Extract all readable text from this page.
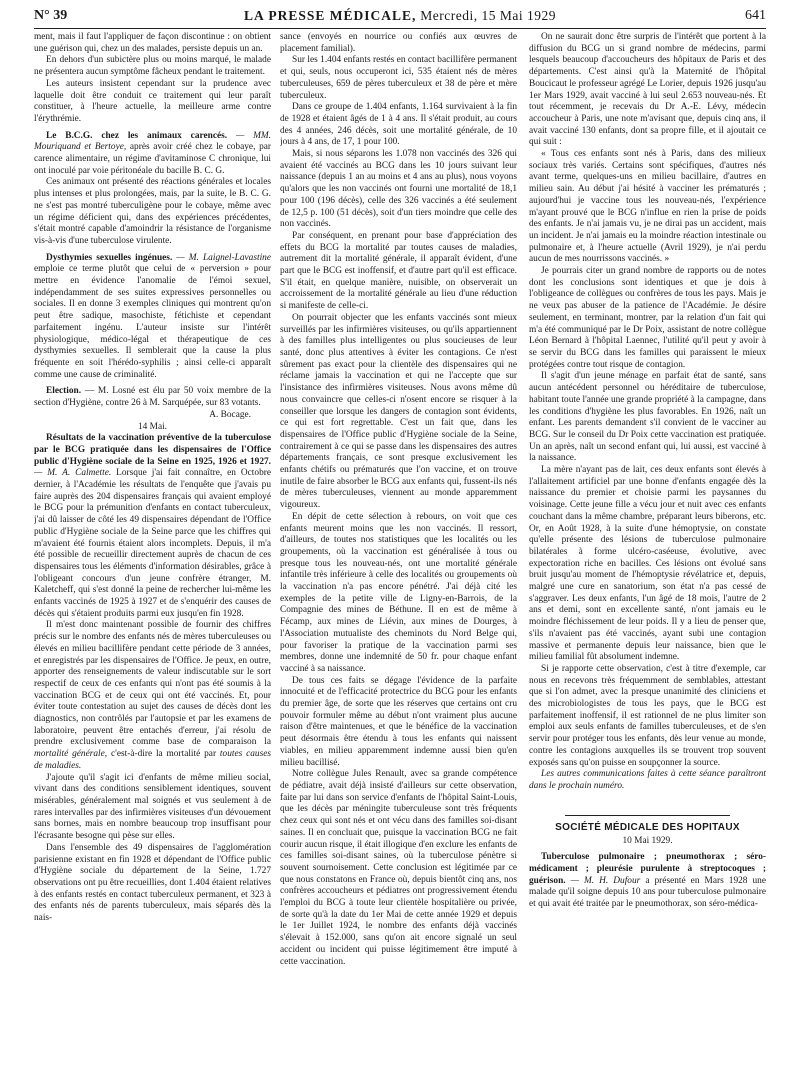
N° 39	LA PRESSE MÉDICALE, Mercredi, 15 Mai 1929	641

ment, mais il faut l'appliquer de façon discontinue : on obtient une guérison qui, chez un des malades, persiste depuis un an.

En dehors d'un subictère plus ou moins marqué, le malade ne présentera aucun symptôme fâcheux pendant le traitement.

Les auteurs insistent cependant sur la prudence avec laquelle doit être conduit ce traitement qui leur paraît constituer, à l'heure actuelle, la meilleure arme contre l'érythrémie.

Le B.C.G. chez les animaux carencés. — MM. Mouriquand et Bertoye, après avoir créé chez le cobaye, par carence alimentaire, un régime d'avitaminose C chronique, lui ont inoculé par voie péritonéale du bacille B. C. G.

Ces animaux ont présenté des réactions générales et locales plus intenses et plus prolongées, mais, par la suite, le B. C. G. ne s'est pas montré tuberculigène pour le cobaye, même avec un régime déficient qui, dans des expériences précédentes, s'était montré capable d'amoindrir la résistance de l'organisme vis-à-vis d'une tuberculose virulente.

Dysthymies sexuelles ingénues. — M. Laignel-Lavastine emploie ce terme plutôt que celui de « perversion » pour mettre en évidence l'anomalie de l'émoi sexuel, indépendamment de ses suites expressives personnelles ou sociales. Il en donne 3 exemples cliniques qui montrent qu'on peut être sadique, masochiste, fétichiste et cependant parfaitement ingénu. L'auteur insiste sur l'intérêt physiologique, médico-légal et thérapeutique de ces dysthymies sexuelles. Il semblerait que la cause la plus fréquente en soit l'hérédo-syphilis ; ainsi celle-ci apparaît comme une cause de criminalité.

Election. — M. Losné est élu par 50 voix membre de la section d'Hygiène, contre 26 à M. Sarquépée, sur 83 votants.

A. Bocage.

14 Mai.

Résultats de la vaccination préventive de la tuberculose par le BCG pratiquée dans les dispensaires de l'Office public d'Hygiène sociale de la Seine en 1925, 1926 et 1927. — M. A. Calmette. Lorsque j'ai fait connaître, en Octobre dernier, à l'Académie les résultats de l'enquête que j'avais pu faire auprès des 204 dispensaires français qui avaient employé le BCG pour la prémunition d'enfants en contact tuberculeux, j'ai dû laisser de côté les 49 dispensaires dépendant de l'Office public d'Hygiène sociale de la Seine parce que les chiffres qui m'avaient été fournis étaient alors incomplets. Depuis, il m'a été possible de recueillir directement auprès de chacun de ces dispensaires tous les éléments d'information désirables, grâce à l'obligeant concours d'un jeune confrère étranger, M. Kaletcheff, qui s'est donné la peine de rechercher lui-même les enfants vaccinés de 1925 à 1927 et de s'enquérir des causes de décès qui s'étaient produits parmi eux jusqu'en fin 1928.

Il m'est donc maintenant possible de fournir des chiffres précis sur le nombre des enfants nés de mères tuberculeuses ou élevés en milieu bacillifère pendant cette période de 3 années, et enregistrés par les dispensaires de l'Office. Je peux, en outre, apporter des renseignements de valeur indiscutable sur le sort respectif de ceux de ces enfants qui n'ont pas été soumis à la vaccination BCG et de ceux qui ont été vaccinés. Et, pour éviter toute contestation au sujet des causes de décès dont les diagnostics, non contrôlés par l'autopsie et par les examens de laboratoire, peuvent être entachés d'erreur, j'ai résolu de prendre exclusivement comme base de comparaison la mortalité générale, c'est-à-dire la mortalité par toutes causes de maladies.

J'ajoute qu'il s'agit ici d'enfants de même milieu social, vivant dans des conditions sensiblement identiques, souvent misérables, généralement mal soignés et vus seulement à de rares intervalles par des infirmières visiteuses d'un dévouement sans bornes, mais en nombre beaucoup trop insuffisant pour l'écrasante besogne qui pèse sur elles.

Dans l'ensemble des 49 dispensaires de l'agglomération parisienne existant en fin 1928 et dépendant de l'Office public d'Hygiène sociale du département de la Seine, 1.727 observations ont pu être recueillies, dont 1.404 étaient relatives à des enfants restés en contact tuberculeux permanent, et 323 à des enfants nés de parents tuberculeux, mais séparés dès la nais-

sance (envoyés en nourrice ou confiés aux œuvres de placement familial).

Sur les 1.404 enfants restés en contact bacillifère permanent et qui, seuls, nous occuperont ici, 535 étaient nés de mères tuberculeuses, 659 de pères tuberculeux et 38 de père et mère tuberculeux.

Dans ce groupe de 1.404 enfants, 1.164 survivaient à la fin de 1928 et étaient âgés de 1 à 4 ans. Il s'était produit, au cours des 4 années, 246 décès, soit une mortalité générale, de 10 jours à 4 ans, de 17, 1 pour 100.

Mais, si nous séparons les 1.078 non vaccinés des 326 qui avaient été vaccinés au BCG dans les 10 jours suivant leur naissance (depuis 1 an au moins et 4 ans au plus), nous voyons qu'alors que les non vaccinés ont fourni une mortalité de 18,1 pour 100 (196 décès), celle des 326 vaccinés a été seulement de 12,5 p. 100 (51 décès), soit d'un tiers moindre que celle des non vaccinés.

Par conséquent, en prenant pour base d'appréciation des effets du BCG la mortalité par toutes causes de maladies, autrement dit la mortalité générale, il apparaît évident, d'une part que le BCG est inoffensif, et d'autre part qu'il est efficace. S'il était, en quelque manière, nuisible, on observerait un accroissement de la mortalité générale au lieu d'une réduction si manifeste de celle-ci.

On pourrait objecter que les enfants vaccinés sont mieux surveillés par les infirmières visiteuses, ou qu'ils appartiennent à des familles plus intelligentes ou plus soucieuses de leur santé, donc plus attentives à éviter les contagions. Ce n'est sûrement pas exact pour la clientèle des dispensaires qui ne réclame jamais la vaccination et qui ne l'accepte que sur l'insistance des infirmières visiteuses. Nous avons même dû nous convaincre que celles-ci n'osent encore se risquer à la conseiller que lorsque les dangers de contagion sont évidents, ce qui est fort regrettable. C'est un fait que, dans les dispensaires de l'Office public d'Hygiène sociale de la Seine, contrairement à ce qui se passe dans les dispensaires des autres départements français, ce sont presque exclusivement les enfants chétifs ou prématurés que l'on vaccine, et on trouve inutile de faire absorber le BCG aux enfants qui, fussent-ils nés de mères tuberculeuses, viennent au monde apparemment vigoureux.

En dépit de cette sélection à rebours, on voit que ces enfants meurent moins que les non vaccinés. Il ressort, d'ailleurs, de toutes nos statistiques que les localités ou les groupements, où la vaccination est généralisée à tous ou presque tous les nouveau-nés, ont une mortalité générale infantile très inférieure à celle des localités ou groupements où la vaccination n'a pas encore pénétré. J'ai déjà cité les exemples de la petite ville de Ligny-en-Barrois, de la Compagnie des mines de Béthune. Il en est de même à Fécamp, aux mines de Liévin, aux mines de Dourges, à l'Association mutualiste des cheminots du Nord Belge qui, pour favoriser la pratique de la vaccination parmi ses membres, donne une indemnité de 50 fr. pour chaque enfant vacciné à sa naissance.

De tous ces faits se dégage l'évidence de la parfaite innocuité et de l'efficacité protectrice du BCG pour les enfants du premier âge, de sorte que les réserves que certains ont cru pouvoir formuler même au début n'ont vraiment plus aucune raison d'être maintenues, et que le bénéfice de la vaccination peut désormais être étendu à tous les enfants qui naissent viables, en milieu apparemment indemne aussi bien qu'en milieu bacillisé.

Notre collègue Jules Renault, avec sa grande compétence de pédiatre, avait déjà insisté d'ailleurs sur cette observation, faite par lui dans son service d'enfants de l'hôpital Saint-Louis, que les décès par méningite tuberculeuse sont très fréquents chez ceux qui sont nés et ont vécu dans des familles soi-disant saines. Il en concluait que, puisque la vaccination BCG ne fait courir aucun risque, il était illogique d'en exclure les enfants de ces familles soi-disant saines, où la tuberculose pénètre si souvent sournoisement. Cette conclusion est légitimée par ce que nous constatons en France où, depuis bientôt cinq ans, nos confrères accoucheurs et pédiatres ont progressivement étendu l'emploi du BCG à toute leur clientèle hospitalière ou privée, de sorte qu'à la date du 1er Mai de cette année 1929 et depuis le 1er Juillet 1924, le nombre des enfants déjà vaccinés s'élevait à 152.000, sans qu'on ait encore signalé un seul accident ou incident qui puisse légitimement être imputé à cette vaccination.

On ne saurait donc être surpris de l'intérêt que portent à la diffusion du BCG un si grand nombre de médecins, parmi lesquels beaucoup d'accoucheurs des hôpitaux de Paris et des départements. C'est ainsi qu'à la Maternité de l'hôpital Boucicaut le professeur agrégé Le Lorier, depuis 1926 jusqu'au 1er Mars 1929, avait vacciné à lui seul 2.653 nouveau-nés. Et tout récemment, je recevais du Dr A.-E. Lévy, médecin accoucheur à Paris, une note m'avisant que, depuis cinq ans, il avait vacciné 130 enfants, dont sa propre fille, et il ajoutait ce qui suit :

« Tous ces enfants sont nés à Paris, dans des milieux sociaux très variés. Certains sont spécifiques, d'autres nés avant terme, quelques-uns en milieu bacillaire, d'autres en milieu sain. Au début j'ai hésité à vacciner les prématurés ; aujourd'hui je vaccine tous les nouveau-nés, l'expérience m'ayant prouvé que le BCG n'influe en rien la prise de poids des enfants. Je n'ai jamais vu, je ne dirai pas un accident, mais un incident. Je n'ai jamais eu la moindre réaction intestinale ou pulmonaire et, à l'heure actuelle (Avril 1929), je n'ai perdu aucun de mes nourrissons vaccinés. »

Je pourrais citer un grand nombre de rapports ou de notes dont les conclusions sont identiques et que je dois à l'obligeance de collègues ou confrères de tous les pays. Mais je ne veux pas abuser de la patience de l'Académie. Je désire seulement, en terminant, montrer, par la relation d'un fait qui m'a été communiqué par le Dr Poix, assistant de notre collègue Léon Bernard à l'hôpital Laennec, l'utilité qu'il peut y avoir à se servir du BCG dans les familles qui paraissent le mieux protégées contre tout risque de contagion.

Il s'agit d'un jeune ménage en parfait état de santé, sans aucun antécédent personnel ou héréditaire de tuberculose, habitant toute l'année une grande propriété à la campagne, dans les conditions d'hygiène les plus favorables. En 1926, naît un enfant. Les parents demandent s'il convient de le vacciner au BCG. Sur le conseil du Dr Poix cette vaccination est pratiquée. Un an après, naît un second enfant qui, lui aussi, est vacciné à la naissance.

La mère n'ayant pas de lait, ces deux enfants sont élevés à l'allaitement artificiel par une bonne d'enfants engagée dès la naissance du premier et choisie parmi les paysannes du voisinage. Cette jeune fille a vécu jour et nuit avec ces enfants couchant dans la même chambre, préparant leurs biberons, etc. Or, en Août 1928, à la suite d'une hémoptysie, on constate qu'elle présente des lésions de tuberculose pulmonaire bilatérales à forme ulcéro-caséeuse, évolutive, avec expectoration riche en bacilles. Ces lésions ont évolué sans bruit jusqu'au moment de l'hémoptysie révélatrice et, depuis, malgré une cure en sanatorium, son état n'a pas cessé de s'aggraver. Les deux enfants, l'un âgé de 18 mois, l'autre de 2 ans et demi, sont en excellente santé, n'ont jamais eu le moindre fléchissement de leur poids. Il y a lieu de penser que, s'ils n'avaient pas été vaccinés, ayant subi une contagion massive et permanente depuis leur naissance, bien que le milieu familial fût absolument indemne.

Si je rapporte cette observation, c'est à titre d'exemple, car nous en recevons très fréquemment de semblables, attestant que si l'on admet, avec la presque unanimité des cliniciens et des microbiologistes de tous les pays, que le BCG est parfaitement inoffensif, il est rationnel de ne plus limiter son emploi aux seuls enfants de familles tuberculeuses, et de s'en servir pour protéger tous les enfants, dès leur venue au monde, contre les contagions auxquelles ils se trouvent trop souvent exposés sans qu'on puisse en soupçonner la source.

Les autres communications faites à cette séance paraîtront dans le prochain numéro.

SOCIÉTÉ MÉDICALE DES HOPITAUX
10 Mai 1929.

Tuberculose pulmonaire ; pneumothorax ; séro-médicament ; pleurésie purulente à streptocoques ; guérison. — M. H. Dufour a présenté en Mars 1928 une malade qu'il soigne depuis 10 ans pour tuberculose pulmonaire et qui avait été traitée par le pneumothorax, son séro-médica-
